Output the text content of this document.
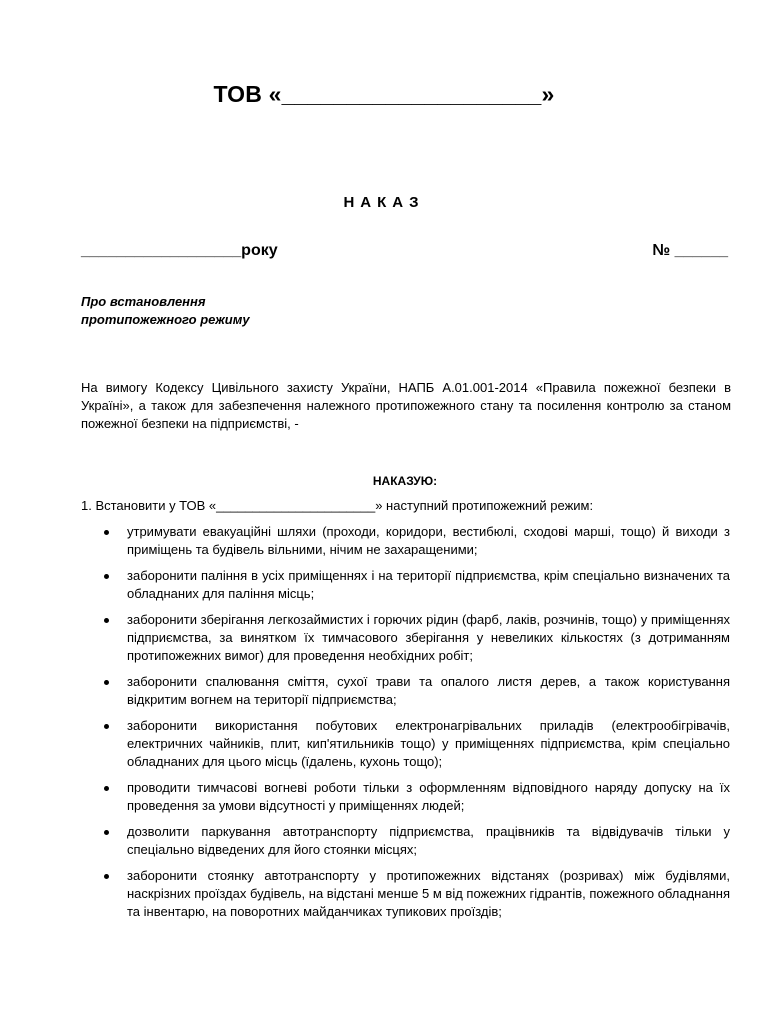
ТОВ «____________________»
НАКАЗ
__________________року	№ ______
Про встановлення протипожежного режиму
На вимогу Кодексу Цивільного захисту України, НАПБ А.01.001-2014 «Правила пожежної безпеки в Україні», а також для забезпечення належного протипожежного стану та посилення контролю за станом пожежної безпеки на підприємстві, -
НАКАЗУЮ:
1. Встановити у ТОВ «______________________» наступний протипожежний режим:
утримувати евакуаційні шляхи (проходи, коридори, вестибюлі, сходові марші, тощо) й виходи з приміщень та будівель вільними, нічим не захаращеними;
заборонити паління в усіх приміщеннях і на території підприємства, крім спеціально визначених та обладнаних для паління місць;
заборонити зберігання легкозаймистих і горючих рідин (фарб, лаків, розчинів, тощо) у приміщеннях підприємства, за винятком їх тимчасового зберігання у невеликих кількостях (з дотриманням протипожежних вимог) для проведення необхідних робіт;
заборонити спалювання сміття, сухої трави та опалого листя дерев, а також користування відкритим вогнем на території підприємства;
заборонити використання побутових електронагрівальних приладів (електрообігрівачів, електричних чайників, плит, кип'ятильників тощо) у приміщеннях підприємства, крім спеціально обладнаних для цього місць (їдалень, кухонь тощо);
проводити тимчасові вогневі роботи тільки з оформленням відповідного наряду допуску на їх проведення за умови відсутності у приміщеннях людей;
дозволити паркування автотранспорту підприємства, працівників та відвідувачів тільки у спеціально відведених для його стоянки місцях;
заборонити стоянку автотранспорту у протипожежних відстанях (розривах) між будівлями, наскрізних проїздах будівель, на відстані менше 5 м від пожежних гідрантів, пожежного обладнання та інвентарю, на поворотних майданчиках тупикових проїздів;
